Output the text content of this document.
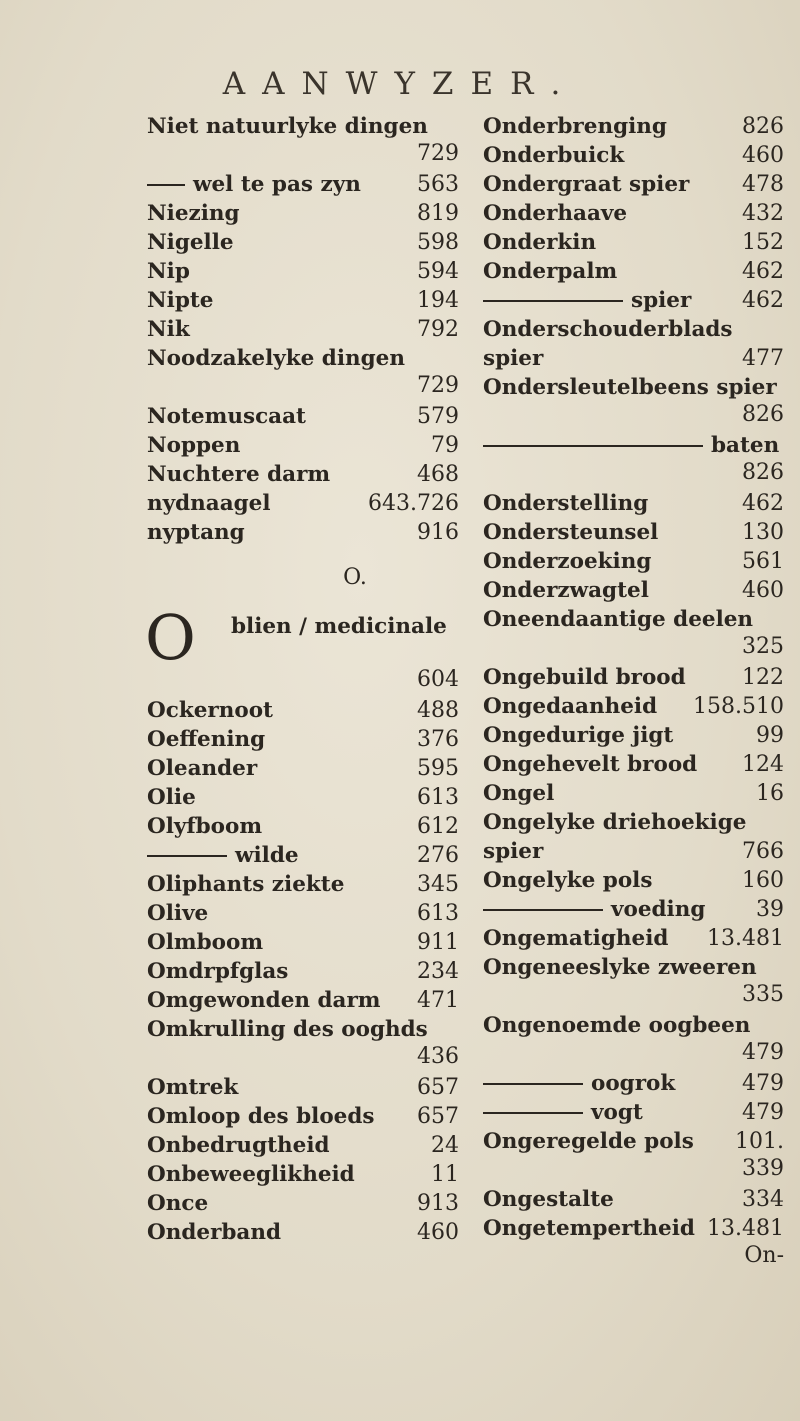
AANWYZER.
Niet natuurlyke dingen
729
wel te pas zyn	563
Niezing	819
Nigelle	598
Nip	594
Nipte	194
Nik	792
Noodzakelyke dingen
729
Notemuscaat	579
Noppen	79
Nuchtere darm	468
nydnaagel	643.726
nyptang	916
O.
O blien / medicinale
604
Ockernoot	488
Oeffening	376
Oleander	595
Olie	613
Olyfboom	612
wilde	276
Oliphants ziekte	345
Olive	613
Olmboom	911
Omdrpfglas	234
Omgewonden darm	471
Omkrulling des ooghds
436
Omtrek	657
Omloop des bloeds	657
Onbedrugtheid	24
Onbeweeglikheid	11
Once	913
Onderband	460
Onderbrenging	826
Onderbuick	460
Ondergraat spier	478
Onderhaave	432
Onderkin	152
Onderpalm	462
spier	462
Onderschouderblads
spier	477
Ondersleutelbeens spier
826
baten
826
Onderstelling	462
Ondersteunsel	130
Onderzoeking	561
Onderzwagtel	460
Oneendaantige deelen
325
Ongebuild brood	122
Ongedaanheid	158.510
Ongedurige jigt	99
Ongehevelt brood	124
Ongel	16
Ongelyke driehoekige
spier	766
Ongelyke pols	160
voeding	39
Ongematigheid	13.481
Ongeneeslyke zweeren
335
Ongenoemde oogbeen
479
oogrok	479
vogt	479
Ongeregelde pols	101.
339
Ongestalte	334
Ongetempertheid 13.481
On-
